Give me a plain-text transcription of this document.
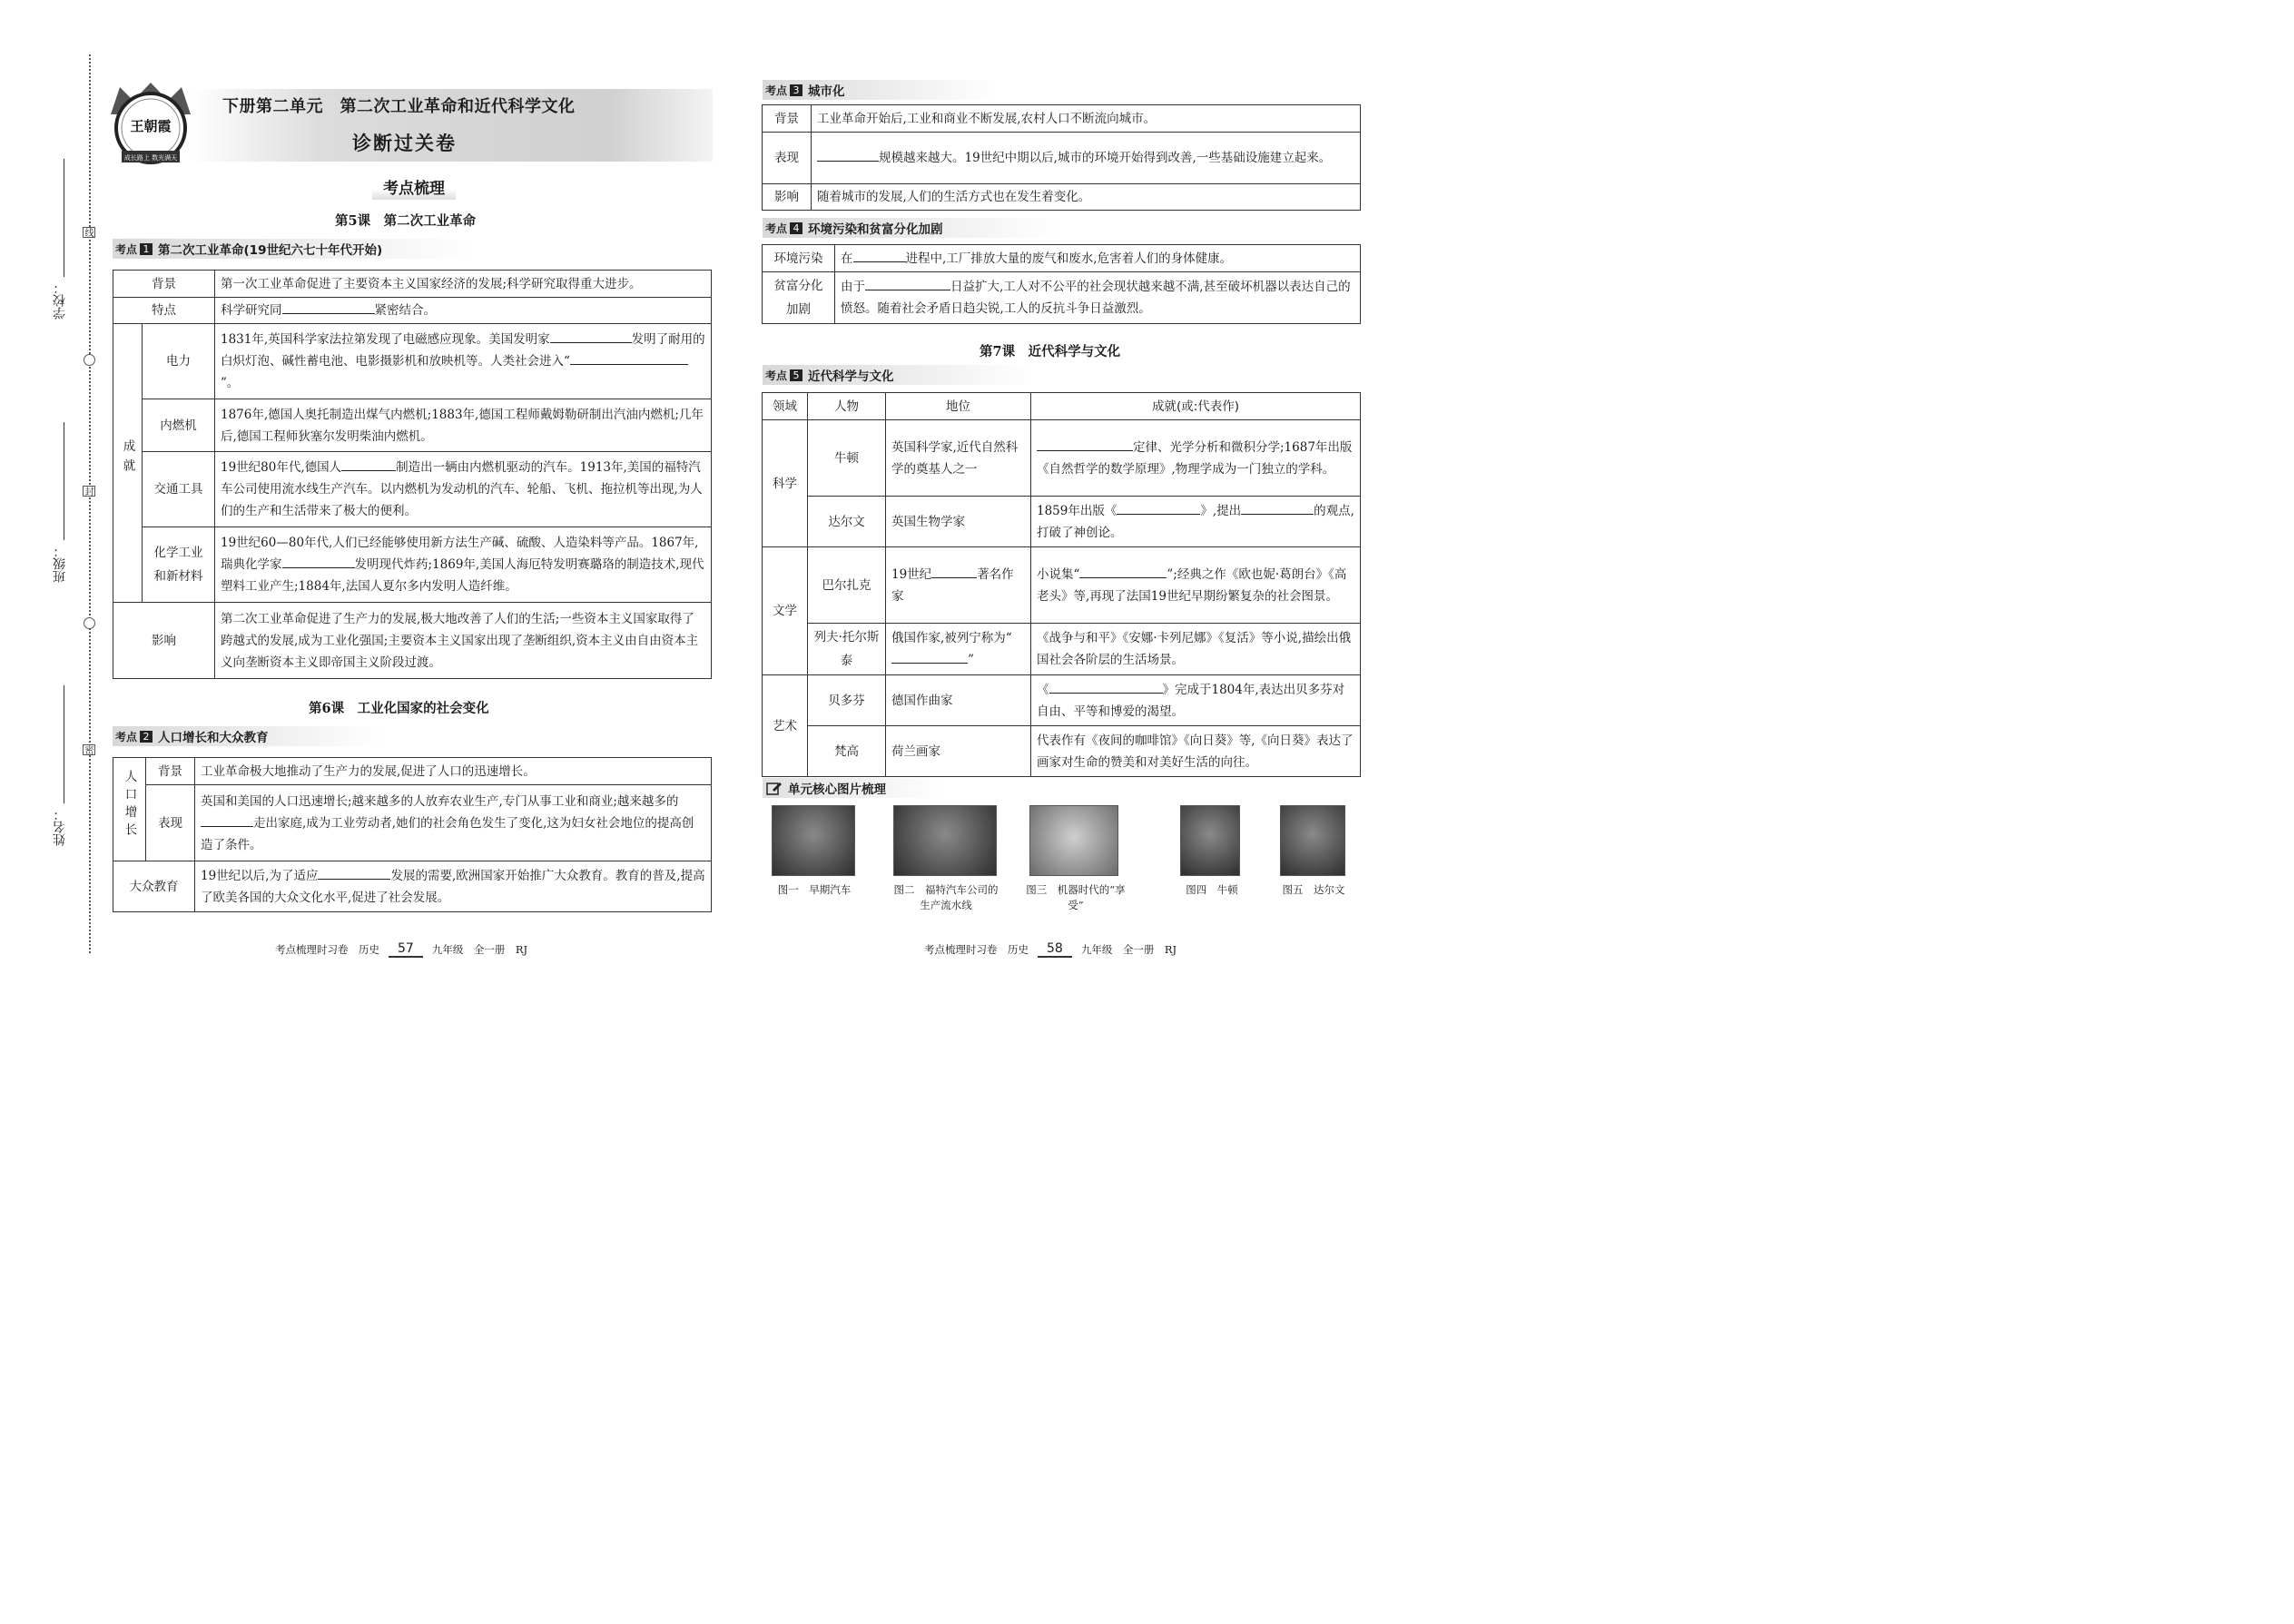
学校：
班级：
姓名：
线
封
密
王朝霞
成长路上 数光满天
下册第二单元　第二次工业革命和近代科学文化
诊断过关卷
考点梳理
第5课　第二次工业革命
考点 1 第二次工业革命(19世纪六七十年代开始)
背景		第一次工业革命促进了主要资本主义国家经济的发展;科学研究取得重大进步。
特点		科学研究同 紧密结合。
成就	电力	1831年,英国科学家法拉第发现了电磁感应现象。美国发明家 发明了耐用的白炽灯泡、碱性蓄电池、电影摄影机和放映机等。人类社会进入“”。
	内燃机	1876年,德国人奥托制造出煤气内燃机;1883年,德国工程师戴姆勒研制出汽油内燃机;几年后,德国工程师狄塞尔发明柴油内燃机。
	交通工具	19世纪80年代,德国人 制造出一辆由内燃机驱动的汽车。1913年,美国的福特汽车公司使用流水线生产汽车。以内燃机为发动机的汽车、轮船、飞机、拖拉机等出现,为人们的生产和生活带来了极大的便利。
	化学工业和新材料	19世纪60—80年代,人们已经能够使用新方法生产碱、硫酸、人造染料等产品。1867年,瑞典化学家 发明现代炸药;1869年,美国人海厄特发明赛璐珞的制造技术,现代塑料工业产生;1884年,法国人夏尔多内发明人造纤维。
影响		第二次工业革命促进了生产力的发展,极大地改善了人们的生活;一些资本主义国家取得了跨越式的发展,成为工业化强国;主要资本主义国家出现了垄断组织,资本主义由自由资本主义向垄断资本主义即帝国主义阶段过渡。
第6课　工业化国家的社会变化
考点 2 人口增长和大众教育
人口增长	背景	工业革命极大地推动了生产力的发展,促进了人口的迅速增长。
	表现	英国和美国的人口迅速增长;越来越多的人放弃农业生产,专门从事工业和商业;越来越多的走出家庭,成为工业劳动者,她们的社会角色发生了变化,这为妇女社会地位的提高创造了条件。
大众教育		19世纪以后,为了适应 发展的需要,欧洲国家开始推广大众教育。教育的普及,提高了欧美各国的大众文化水平,促进了社会发展。
考点梳理时习卷　历史	57	九年级　全一册　RJ
考点 3 城市化
背景	工业革命开始后,工业和商业不断发展,农村人口不断流向城市。
表现	规模越来越大。19世纪中期以后,城市的环境开始得到改善,一些基础设施建立起来。
影响	随着城市的发展,人们的生活方式也在发生着变化。
考点 4 环境污染和贫富分化加剧
环境污染	在 进程中,工厂排放大量的废气和废水,危害着人们的身体健康。
贫富分化加剧	由于 日益扩大,工人对不公平的社会现状越来越不满,甚至破坏机器以表达自己的愤怒。随着社会矛盾日趋尖锐,工人的反抗斗争日益激烈。
第7课　近代科学与文化
考点 5 近代科学与文化
领域	人物	地位	成就(或:代表作)
科学	牛顿	英国科学家,近代自然科学的奠基人之一	定律、光学分析和微积分学;1687年出版《自然哲学的数学原理》,物理学成为一门独立的学科。
	达尔文	英国生物学家	1859年出版《 》,提出 的观点,打破了神创论。
文学	巴尔扎克	19世纪 著名作家	小说集“ ”;经典之作《欧也妮·葛朗台》《高老头》等,再现了法国19世纪早期纷繁复杂的社会图景。
	列夫·托尔斯泰	俄国作家,被列宁称为“”	《战争与和平》《安娜·卡列尼娜》《复活》等小说,描绘出俄国社会各阶层的生活场景。
艺术	贝多芬	德国作曲家	《 》完成于1804年,表达出贝多芬对自由、平等和博爱的渴望。
	梵高	荷兰画家	代表作有《夜间的咖啡馆》《向日葵》等,《向日葵》表达了画家对生命的赞美和对美好生活的向往。
单元核心图片梳理
图一　早期汽车	图二　福特汽车公司的生产流水线
图三　机器时代的“享受”
图四　牛顿	图五　达尔文
考点梳理时习卷　历史	58	九年级　全一册　RJ
